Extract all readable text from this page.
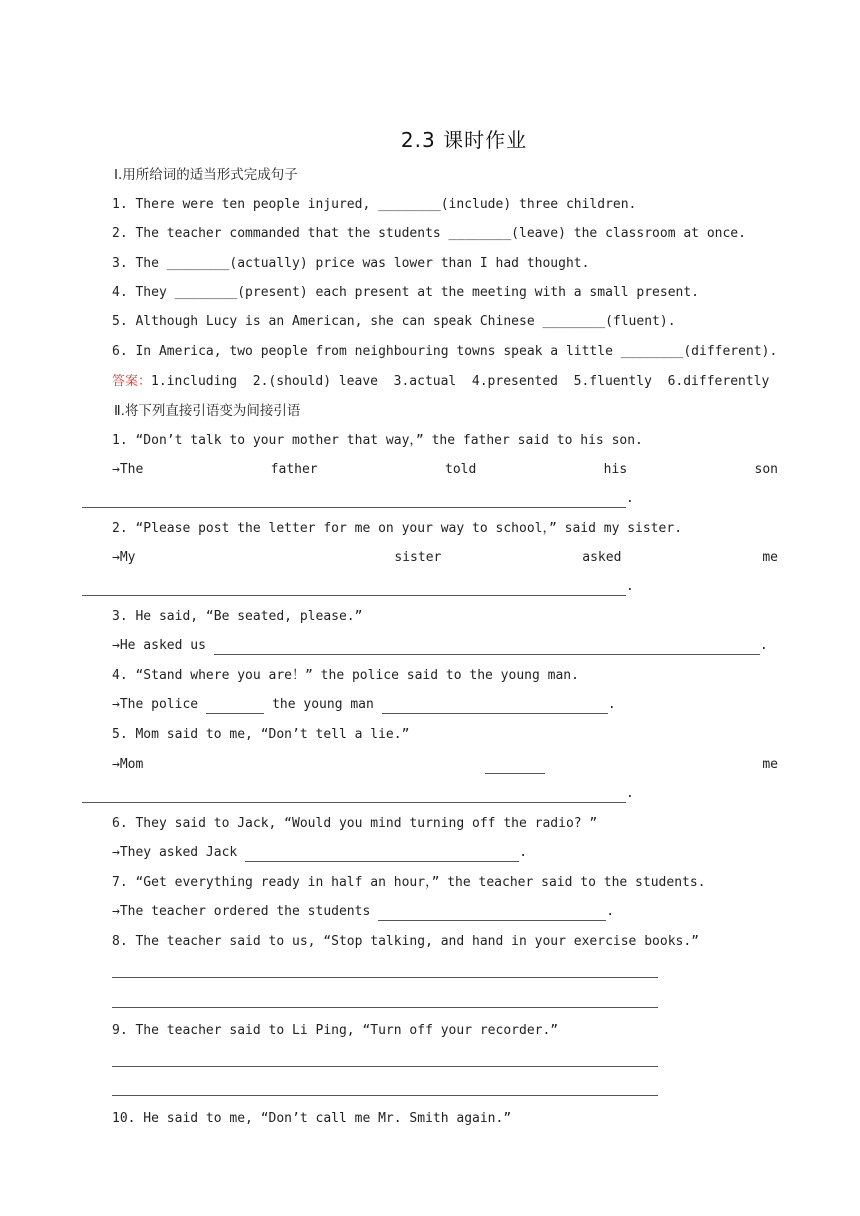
2.3 课时作业
Ⅰ.用所给词的适当形式完成句子
1. There were ten people injured, ________(include) three children.
2. The teacher commanded that the students ________(leave) the classroom at once.
3. The ________(actually) price was lower than I had thought.
4. They ________(present) each present at the meeting with a small present.
5. Although Lucy is an American, she can speak Chinese ________(fluent).
6. In America, two people from neighbouring towns speak a little ________(different).
答案：1.including  2.(should) leave  3.actual  4.presented  5.fluently  6.differently
Ⅱ.将下列直接引语变为间接引语
1. “Don’t talk to your mother that way，” the father said to his son.
→The	father	told	his	son
.
2. “Please post the letter for me on your way to school，” said my sister.
→My	sister	asked	me
.
3. He said, “Be seated, please.”
→He asked us	.
4. “Stand where you are！” the police said to the young man.
→The police	the young man	.
5. Mom said to me, “Don’t tell a lie.”
→Mom	me
.
6. They said to Jack, “Would you mind turning off the radio? ”
→They asked Jack	.
7. “Get everything ready in half an hour，” the teacher said to the students.
→The teacher ordered the students	.
8. The teacher said to us, “Stop talking, and hand in your exercise books.”
9. The teacher said to Li Ping, “Turn off your recorder.”
10. He said to me, “Don’t call me Mr. Smith again.”
